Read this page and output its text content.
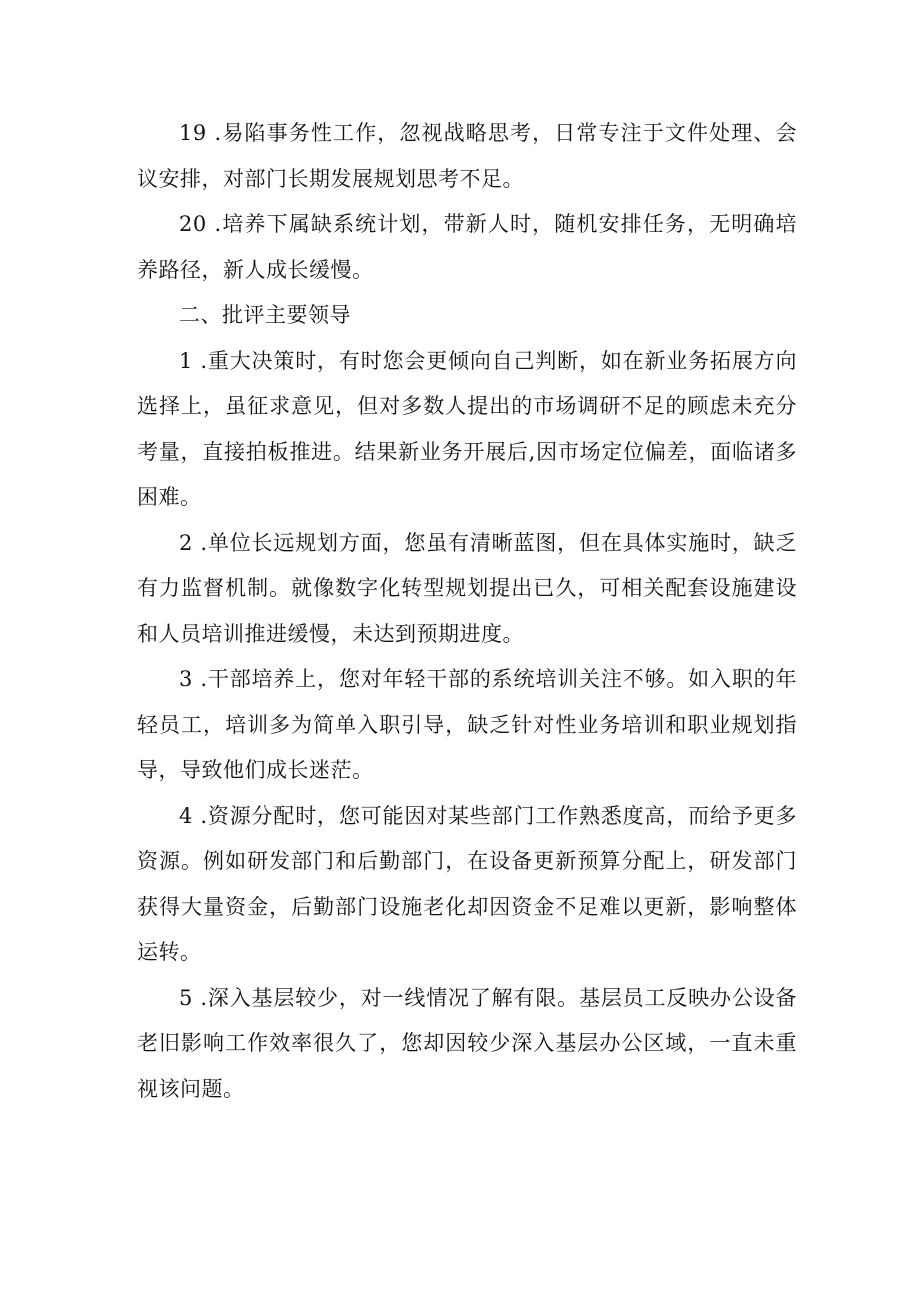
19 .易陷事务性工作，忽视战略思考，日常专注于文件处理、会议安排，对部门长期发展规划思考不足。

20 .培养下属缺系统计划，带新人时，随机安排任务，无明确培养路径，新人成长缓慢。

二、批评主要领导

1 .重大决策时，有时您会更倾向自己判断，如在新业务拓展方向选择上，虽征求意见，但对多数人提出的市场调研不足的顾虑未充分考量，直接拍板推进。结果新业务开展后,因市场定位偏差，面临诸多困难。

2 .单位长远规划方面，您虽有清晰蓝图，但在具体实施时，缺乏有力监督机制。就像数字化转型规划提出已久，可相关配套设施建设和人员培训推进缓慢，未达到预期进度。

3 .干部培养上，您对年轻干部的系统培训关注不够。如入职的年轻员工，培训多为简单入职引导，缺乏针对性业务培训和职业规划指导，导致他们成长迷茫。

4 .资源分配时，您可能因对某些部门工作熟悉度高，而给予更多资源。例如研发部门和后勤部门，在设备更新预算分配上，研发部门获得大量资金，后勤部门设施老化却因资金不足难以更新，影响整体运转。

5 .深入基层较少，对一线情况了解有限。基层员工反映办公设备老旧影响工作效率很久了，您却因较少深入基层办公区域，一直未重视该问题。
